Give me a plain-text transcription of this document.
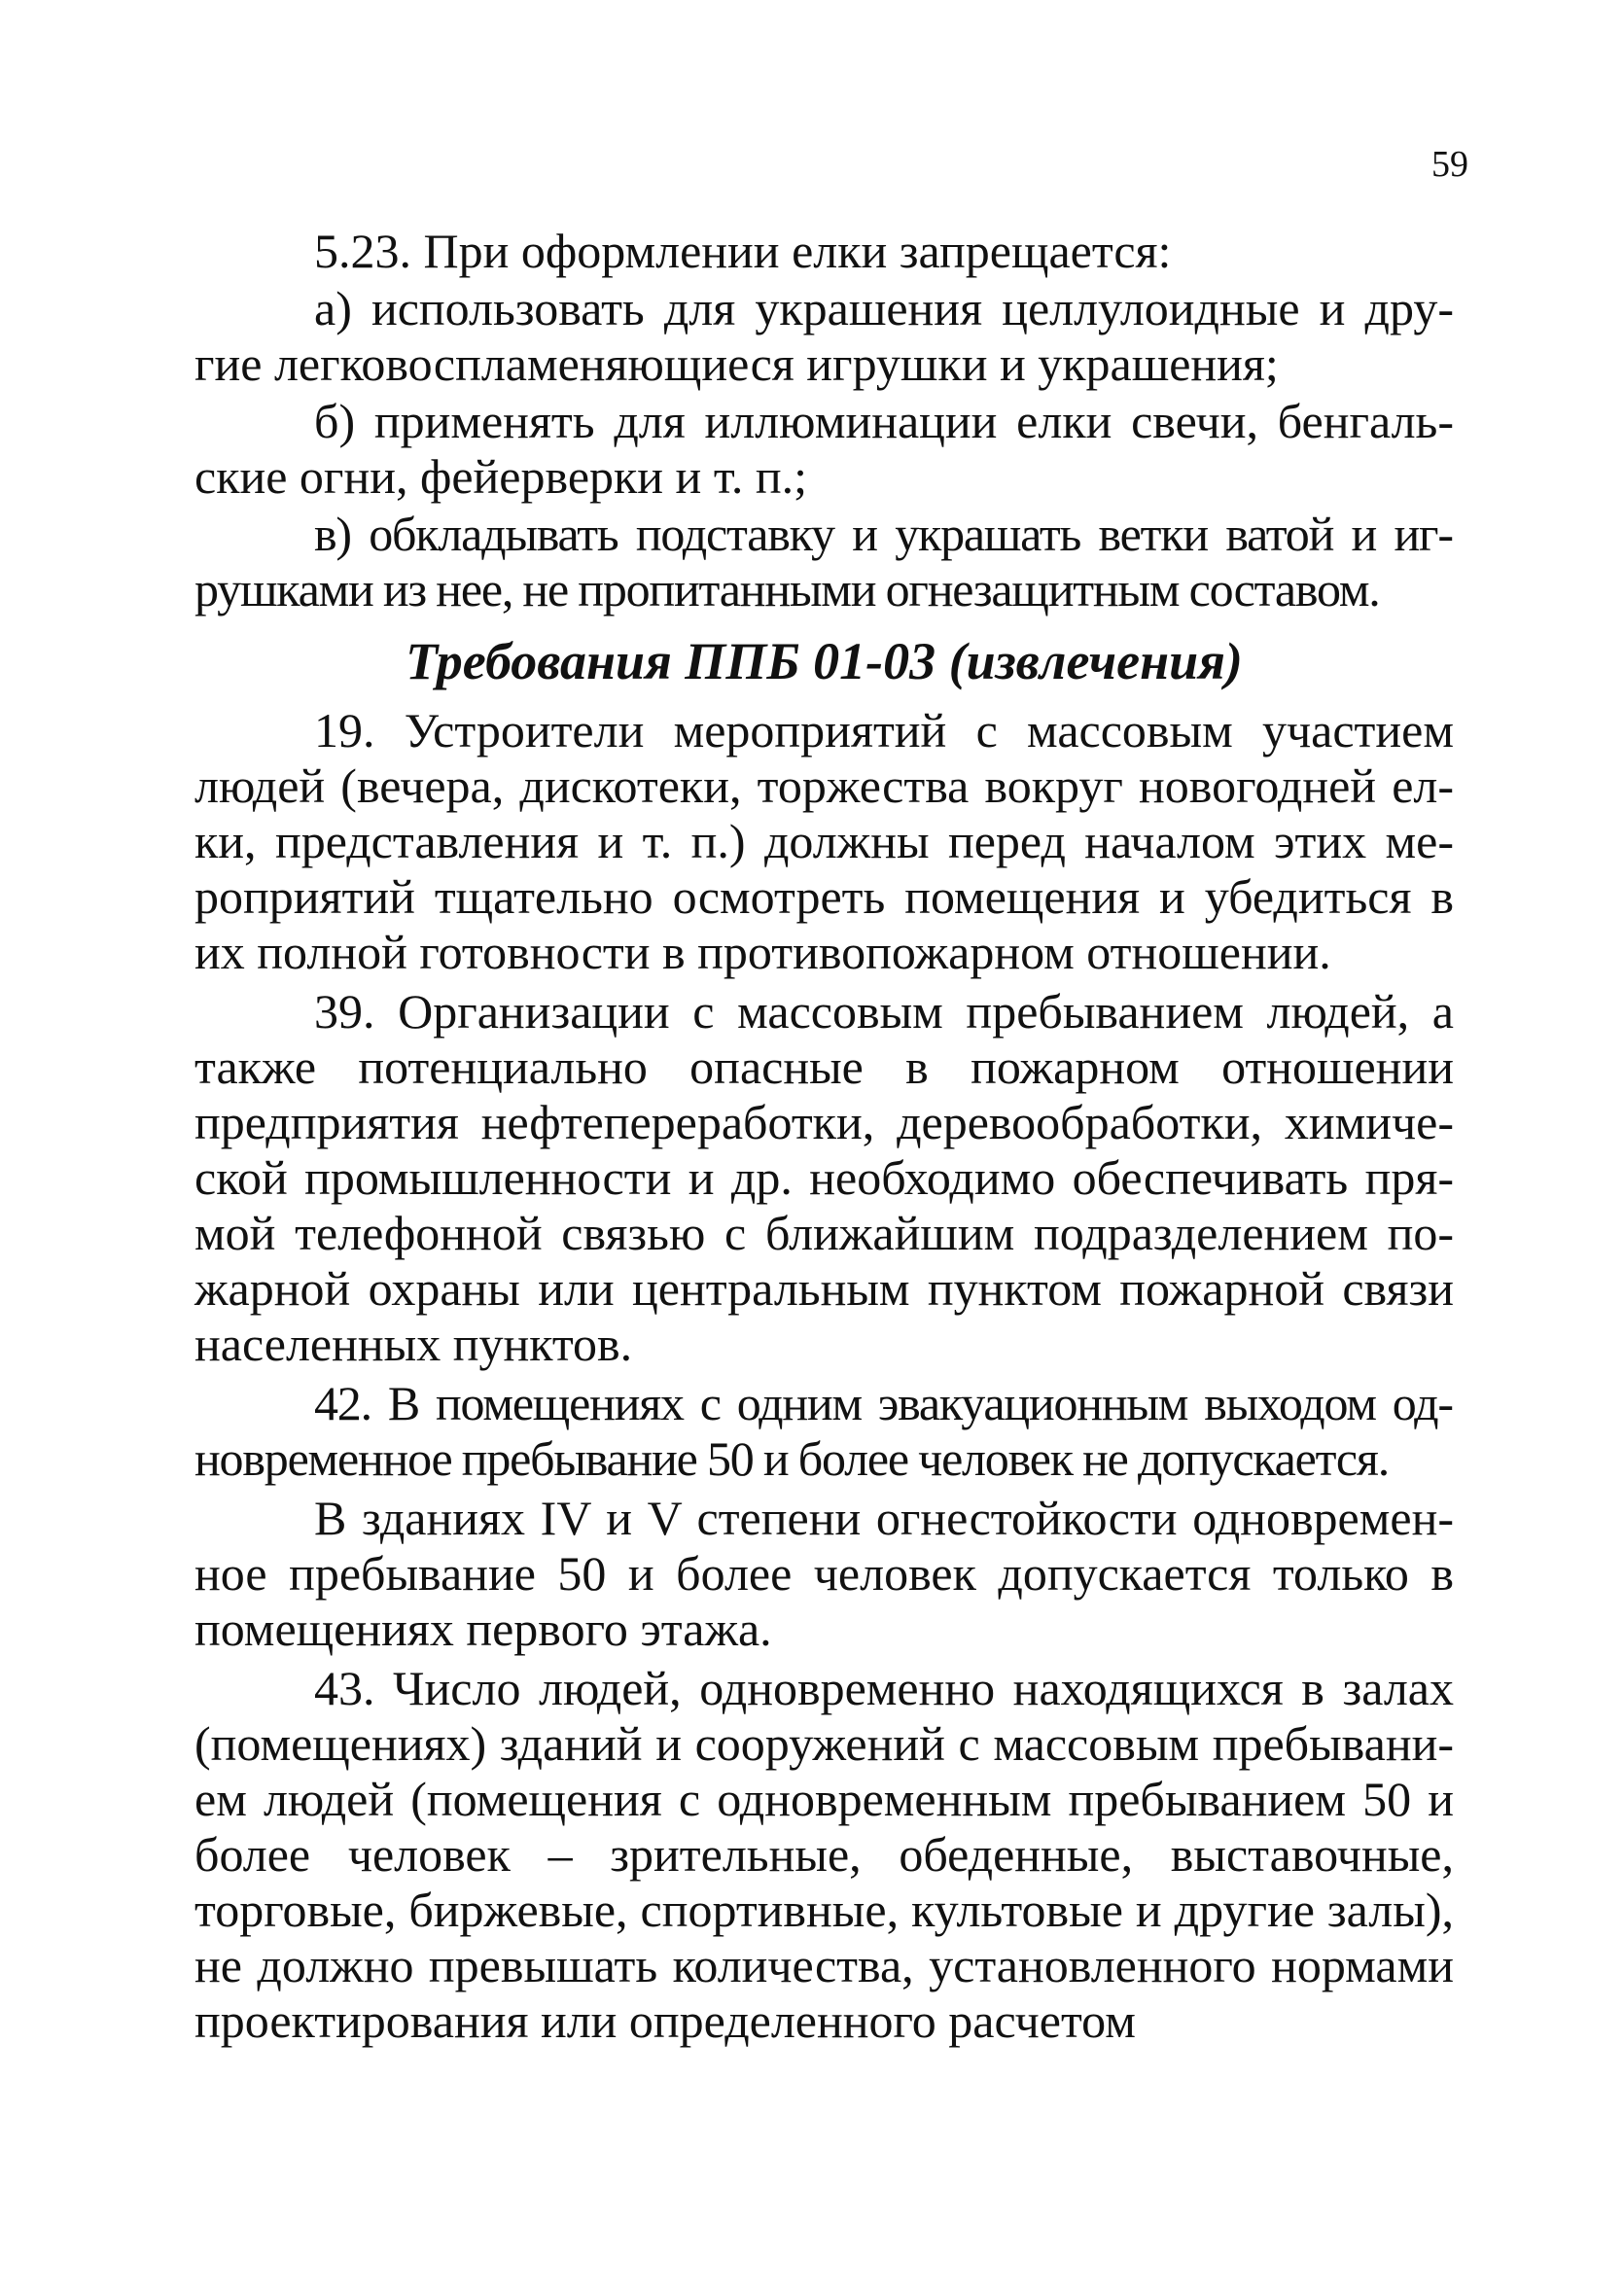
59

5.23. При оформлении елки запрещается:

а) использовать для украшения целлулоидные и другие легковоспламеняющиеся игрушки и украшения;

б) применять для иллюминации елки свечи, бенгальские огни, фейерверки и т. п.;

в) обкладывать подставку и украшать ветки ватой и игрушками из нее, не пропитанными огнезащитным составом.

Требования ППБ 01-03 (извлечения)

19. Устроители мероприятий с массовым участием людей (вечера, дискотеки, торжества вокруг новогодней елки, представления и т. п.) должны перед началом этих мероприятий тщательно осмотреть помещения и убедиться в их полной готовности в противопожарном отношении.

39. Организации с массовым пребыванием людей, а также потенциально опасные в пожарном отношении предприятия нефтепереработки, деревообработки, химической промышленности и др. необходимо обеспечивать прямой телефонной связью с ближайшим подразделением пожарной охраны или центральным пунктом пожарной связи населенных пунктов.

42. В помещениях с одним эвакуационным выходом одновременное пребывание 50 и более человек не допускается.

В зданиях IV и V степени огнестойкости одновременное пребывание 50 и более человек допускается только в помещениях первого этажа.

43. Число людей, одновременно находящихся в залах (помещениях) зданий и сооружений с массовым пребыванием людей (помещения с одновременным пребыванием 50 и более человек – зрительные, обеденные, выставочные, торговые, биржевые, спортивные, культовые и другие залы), не должно превышать количества, установленного нормами проектирования или определенного расчетом
